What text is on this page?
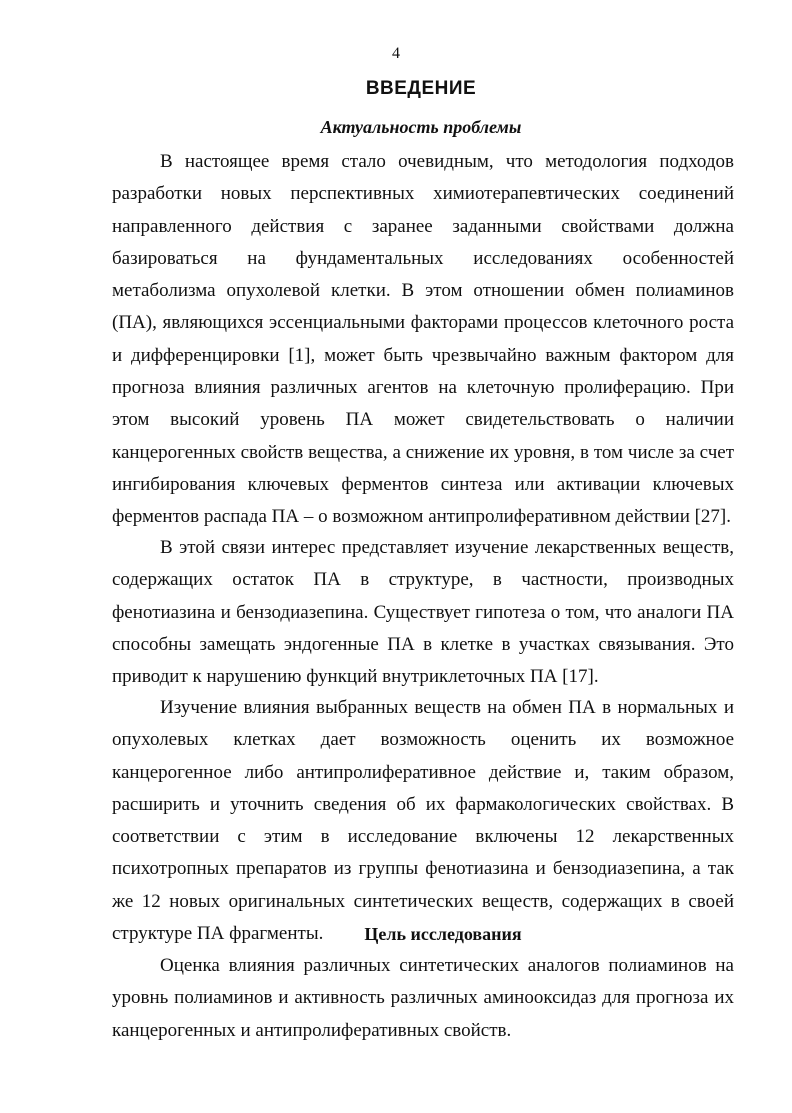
4
ВВЕДЕНИЕ
Актуальность проблемы

В настоящее время стало очевидным, что методология подходов разработки новых перспективных химиотерапевтических соединений направленного действия с заранее заданными свойствами должна базироваться на фундаментальных исследованиях особенностей метаболизма опухолевой клетки. В этом отношении обмен полиаминов (ПА), являющихся эссенциальными факторами процессов клеточного роста и дифференцировки [1], может быть чрезвычайно важным фактором для прогноза влияния различных агентов на клеточную пролиферацию. При этом высокий уровень ПА может свидетельствовать о наличии канцерогенных свойств вещества, а снижение их уровня, в том числе за счет ингибирования ключевых ферментов синтеза или активации ключевых ферментов распада ПА – о возможном антипролиферативном действии [27].

В этой связи интерес представляет изучение лекарственных веществ, содержащих остаток ПА в структуре, в частности, производных фенотиазина и бензодиазепина. Существует гипотеза о том, что аналоги ПА способны замещать эндогенные ПА в клетке в участках связывания. Это приводит к нарушению функций внутриклеточных ПА [17].

Изучение влияния выбранных веществ на обмен ПА в нормальных и опухолевых клетках дает возможность оценить их возможное канцерогенное либо антипролиферативное действие и, таким образом, расширить и уточнить сведения об их фармакологических свойствах. В соответствии с этим в исследование включены 12 лекарственных психотропных препаратов из группы фенотиазина и бензодиазепина, а так же 12 новых оригинальных синтетических веществ, содержащих в своей структуре ПА фрагменты.	Цель исследования

Оценка влияния различных синтетических аналогов полиаминов на уровнь полиаминов и активность различных аминооксидаз для прогноза их канцерогенных и антипролиферативных свойств.
